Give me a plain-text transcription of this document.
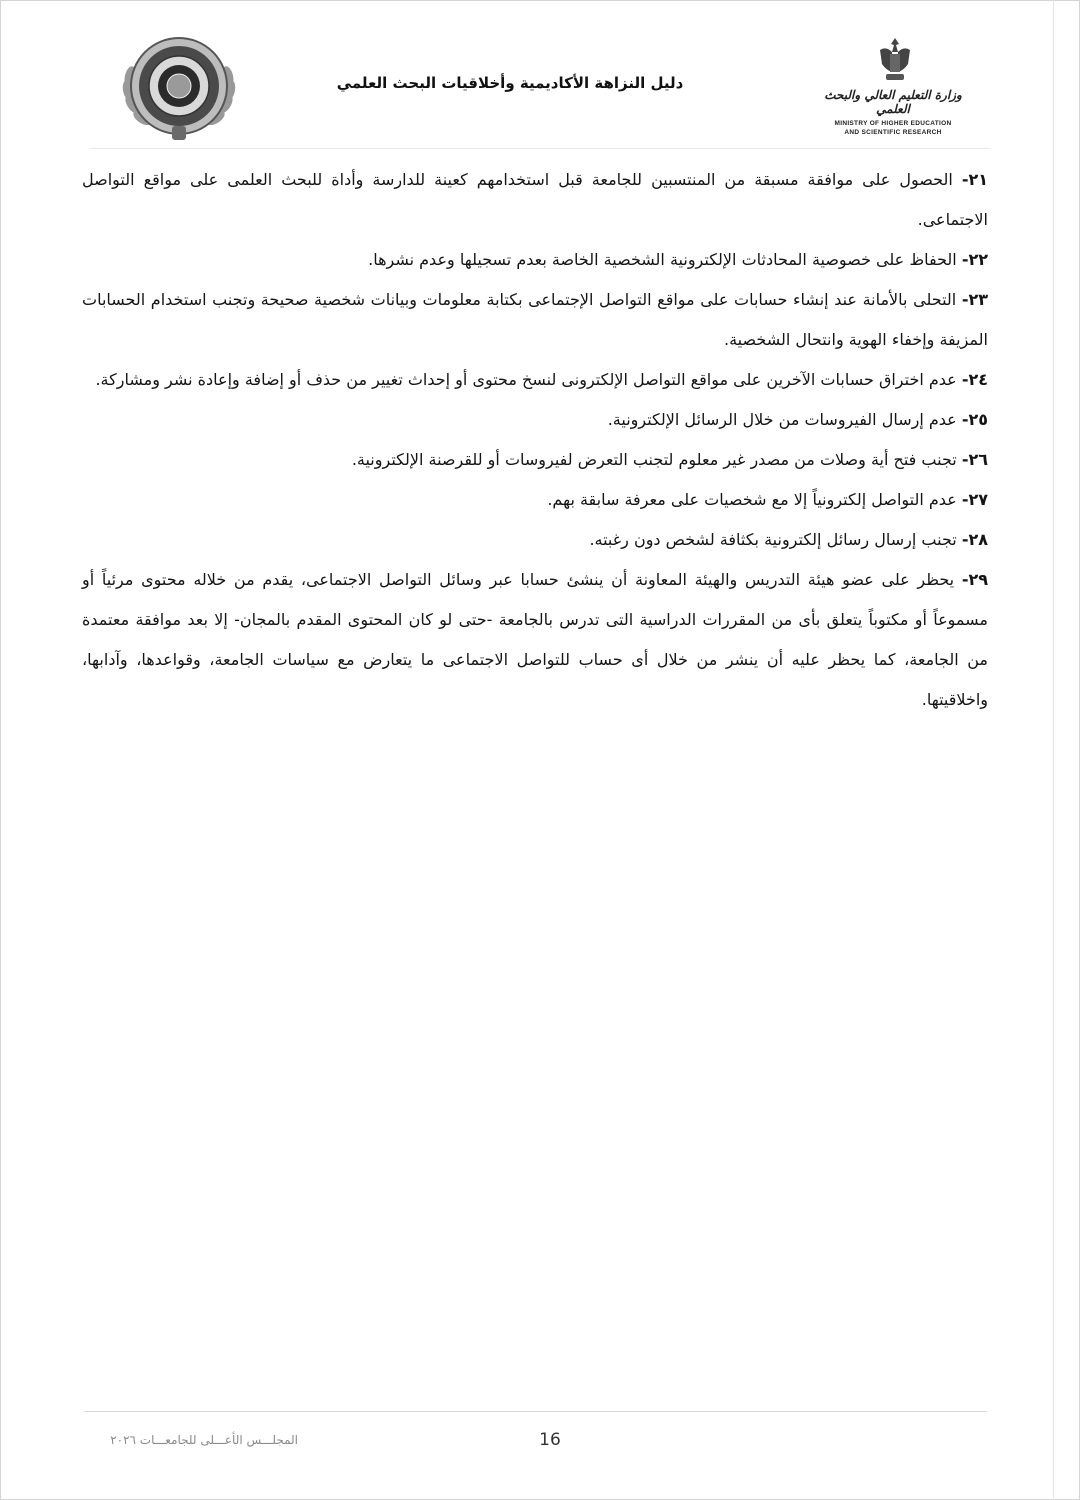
دليل النزاهة الأكاديمية وأخلاقيات البحث العلمي
وزارة التعليم العالي والبحث العلمي
MINISTRY OF HIGHER EDUCATION
AND SCIENTIFIC RESEARCH

٢١- الحصول على موافقة مسبقة من المنتسبين للجامعة قبل استخدامهم كعينة للدارسة وأداة للبحث العلمى على مواقع التواصل الاجتماعى.

٢٢- الحفاظ على خصوصية المحادثات الإلكترونية الشخصية الخاصة بعدم تسجيلها وعدم نشرها.

٢٣- التحلى بالأمانة عند إنشاء حسابات على مواقع التواصل الإجتماعى بكتابة معلومات وبيانات شخصية صحيحة وتجنب استخدام الحسابات المزيفة وإخفاء الهوية وانتحال الشخصية.

٢٤- عدم اختراق حسابات الآخرين على مواقع التواصل الإلكترونى لنسخ محتوى أو إحداث تغيير من حذف أو إضافة وإعادة نشر ومشاركة.

٢٥- عدم إرسال الفيروسات من خلال الرسائل الإلكترونية.

٢٦- تجنب فتح أية وصلات من مصدر غير معلوم لتجنب التعرض لفيروسات أو للقرصنة الإلكترونية.

٢٧- عدم التواصل إلكترونياً إلا مع شخصيات على معرفة سابقة بهم.

٢٨- تجنب إرسال رسائل إلكترونية بكثافة لشخص دون رغبته.

٢٩- يحظر على عضو هيئة التدريس والهيئة المعاونة أن ينشئ حسابا عبر وسائل التواصل الاجتماعى، يقدم من خلاله محتوى مرئياً أو مسموعاً أو مكتوباً يتعلق بأى من المقررات الدراسية التى تدرس بالجامعة -حتى لو كان المحتوى المقدم بالمجان- إلا بعد موافقة معتمدة من الجامعة، كما يحظر عليه أن ينشر من خلال أى حساب للتواصل الاجتماعى ما يتعارض مع سياسات الجامعة، وقواعدها، وآدابها، واخلاقيتها.

16
المجلـــس الأعـــلى للجامعـــات ٢٠٢٦
